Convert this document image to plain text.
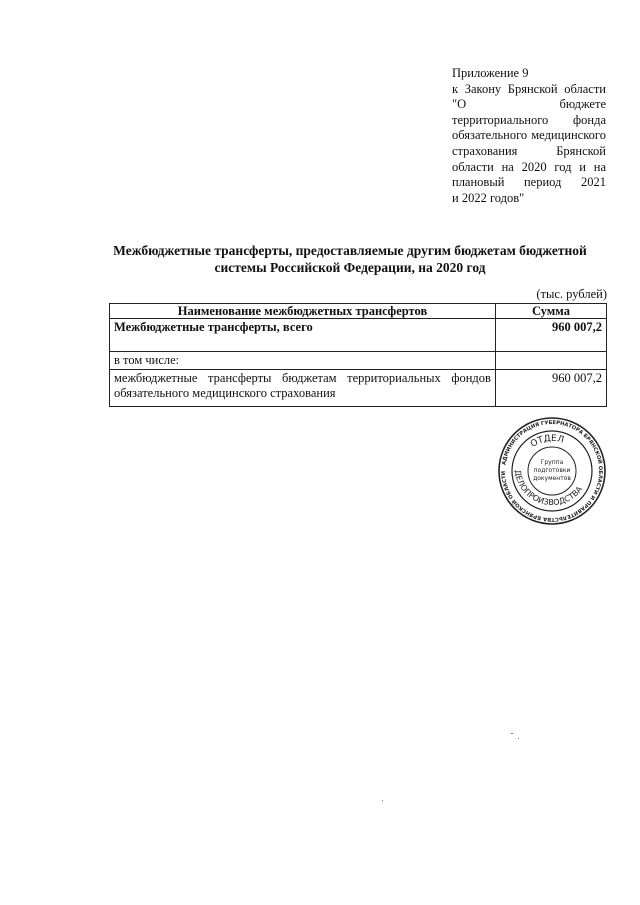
Приложение 9
к Закону Брянской области
"О бюджете
территориального фонда
обязательного медицинского
страхования Брянской
области на 2020 год и на
плановый период 2021
и 2022 годов"
Межбюджетные трансферты, предоставляемые другим бюджетам бюджетной системы Российской Федерации, на 2020 год
(тыс. рублей)
Наименование межбюджетных трансфертов	Сумма
Межбюджетные трансферты, всего	960 007,2
в том числе:	
межбюджетные трансферты бюджетам территориальных фондов обязательного медицинского страхования	960 007,2
АДМИНИСТРАЦИЯ ГУБЕРНАТОРА БРЯНСКОЙ ОБЛАСТИ И ПРАВИТЕЛЬСТВА БРЯНСКОЙ ОБЛАСТИ
ОТДЕЛ
ДЕЛОПРОИЗВОДСТВА
Группа
подготовки
документов
